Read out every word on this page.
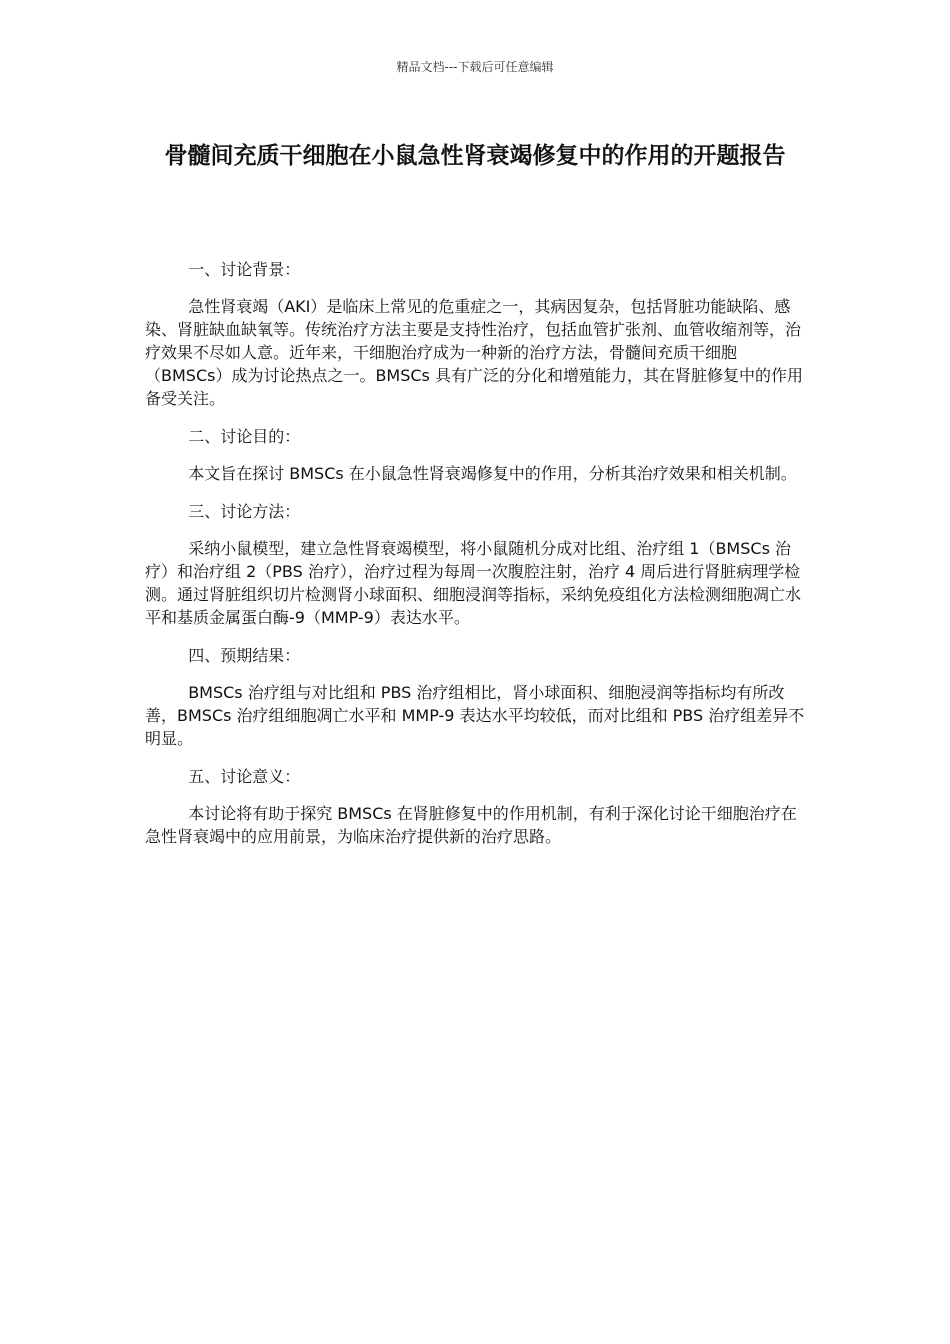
精品文档---下载后可任意编辑
骨髓间充质干细胞在小鼠急性肾衰竭修复中的作用的开题报告

一、讨论背景：

急性肾衰竭（AKI）是临床上常见的危重症之一，其病因复杂，包括肾脏功能缺陷、感染、肾脏缺血缺氧等。传统治疗方法主要是支持性治疗，包括血管扩张剂、血管收缩剂等，治疗效果不尽如人意。近年来，干细胞治疗成为一种新的治疗方法，骨髓间充质干细胞（BMSCs）成为讨论热点之一。BMSCs 具有广泛的分化和增殖能力，其在肾脏修复中的作用备受关注。

二、讨论目的：

本文旨在探讨 BMSCs 在小鼠急性肾衰竭修复中的作用，分析其治疗效果和相关机制。

三、讨论方法：

采纳小鼠模型，建立急性肾衰竭模型，将小鼠随机分成对比组、治疗组 1（BMSCs 治疗）和治疗组 2（PBS 治疗），治疗过程为每周一次腹腔注射，治疗 4 周后进行肾脏病理学检测。通过肾脏组织切片检测肾小球面积、细胞浸润等指标，采纳免疫组化方法检测细胞凋亡水平和基质金属蛋白酶-9（MMP-9）表达水平。

四、预期结果：

BMSCs 治疗组与对比组和 PBS 治疗组相比，肾小球面积、细胞浸润等指标均有所改善，BMSCs 治疗组细胞凋亡水平和 MMP-9 表达水平均较低，而对比组和 PBS 治疗组差异不明显。

五、讨论意义：

本讨论将有助于探究 BMSCs 在肾脏修复中的作用机制，有利于深化讨论干细胞治疗在急性肾衰竭中的应用前景，为临床治疗提供新的治疗思路。
